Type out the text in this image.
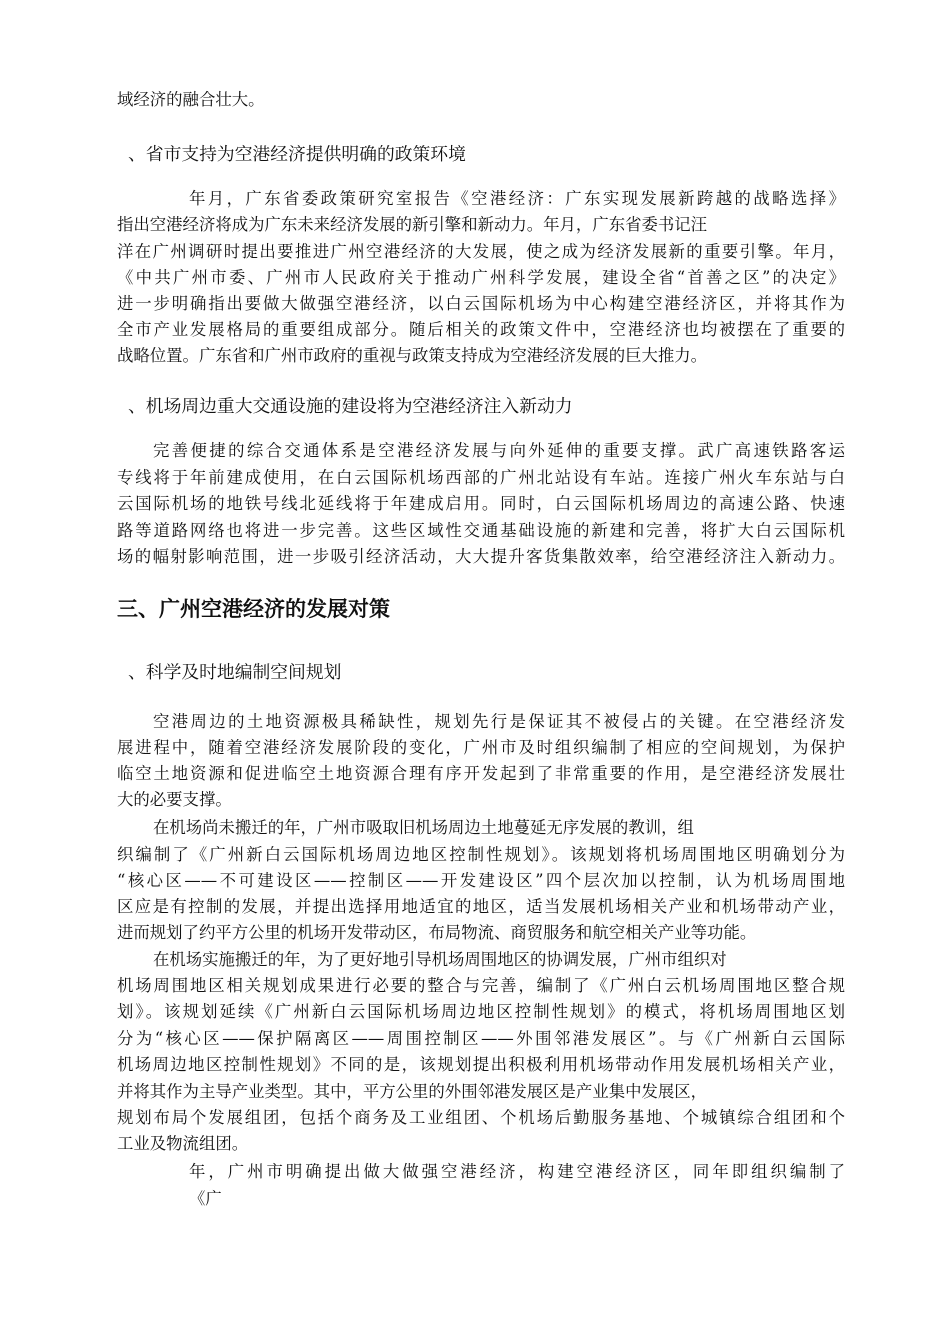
域经济的融合壮大。
、省市支持为空港经济提供明确的政策环境
年月，广东省委政策研究室报告《空港经济：广东实现发展新跨越的战略选择》
指出空港经济将成为广东未来经济发展的新引擎和新动力。年月，广东省委书记汪
洋在广州调研时提出要推进广州空港经济的大发展，使之成为经济发展新的重要引擎。年月，
《中共广州市委、广州市人民政府关于推动广州科学发展，建设全省“首善之区”的决定》
进一步明确指出要做大做强空港经济，以白云国际机场为中心构建空港经济区，并将其作为
全市产业发展格局的重要组成部分。随后相关的政策文件中，空港经济也均被摆在了重要的
战略位置。广东省和广州市政府的重视与政策支持成为空港经济发展的巨大推力。
、机场周边重大交通设施的建设将为空港经济注入新动力
完善便捷的综合交通体系是空港经济发展与向外延伸的重要支撑。武广高速铁路客运
专线将于年前建成使用，在白云国际机场西部的广州北站设有车站。连接广州火车东站与白
云国际机场的地铁号线北延线将于年建成启用。同时，白云国际机场周边的高速公路、快速
路等道路网络也将进一步完善。这些区域性交通基础设施的新建和完善，将扩大白云国际机
场的幅射影响范围，进一步吸引经济活动，大大提升客货集散效率，给空港经济注入新动力。
三、广州空港经济的发展对策
、科学及时地编制空间规划
空港周边的土地资源极具稀缺性，规划先行是保证其不被侵占的关键。在空港经济发
展进程中，随着空港经济发展阶段的变化，广州市及时组织编制了相应的空间规划，为保护
临空土地资源和促进临空土地资源合理有序开发起到了非常重要的作用，是空港经济发展壮
大的必要支撑。
在机场尚未搬迁的年，广州市吸取旧机场周边土地蔓延无序发展的教训，组
织编制了《广州新白云国际机场周边地区控制性规划》。该规划将机场周围地区明确划分为
“核心区——不可建设区——控制区——开发建设区”四个层次加以控制，认为机场周围地
区应是有控制的发展，并提出选择用地适宜的地区，适当发展机场相关产业和机场带动产业，
进而规划了约平方公里的机场开发带动区，布局物流、商贸服务和航空相关产业等功能。
在机场实施搬迁的年，为了更好地引导机场周围地区的协调发展，广州市组织对
机场周围地区相关规划成果进行必要的整合与完善，编制了《广州白云机场周围地区整合规
划》。该规划延续《广州新白云国际机场周边地区控制性规划》的模式，将机场周围地区划
分为“核心区——保护隔离区——周围控制区——外围邻港发展区”。与《广州新白云国际
机场周边地区控制性规划》不同的是，该规划提出积极利用机场带动作用发展机场相关产业，
并将其作为主导产业类型。其中，平方公里的外围邻港发展区是产业集中发展区，
规划布局个发展组团，包括个商务及工业组团、个机场后勤服务基地、个城镇综合组团和个
工业及物流组团。
年，广州市明确提出做大做强空港经济，构建空港经济区，同年即组织编制了
《广
